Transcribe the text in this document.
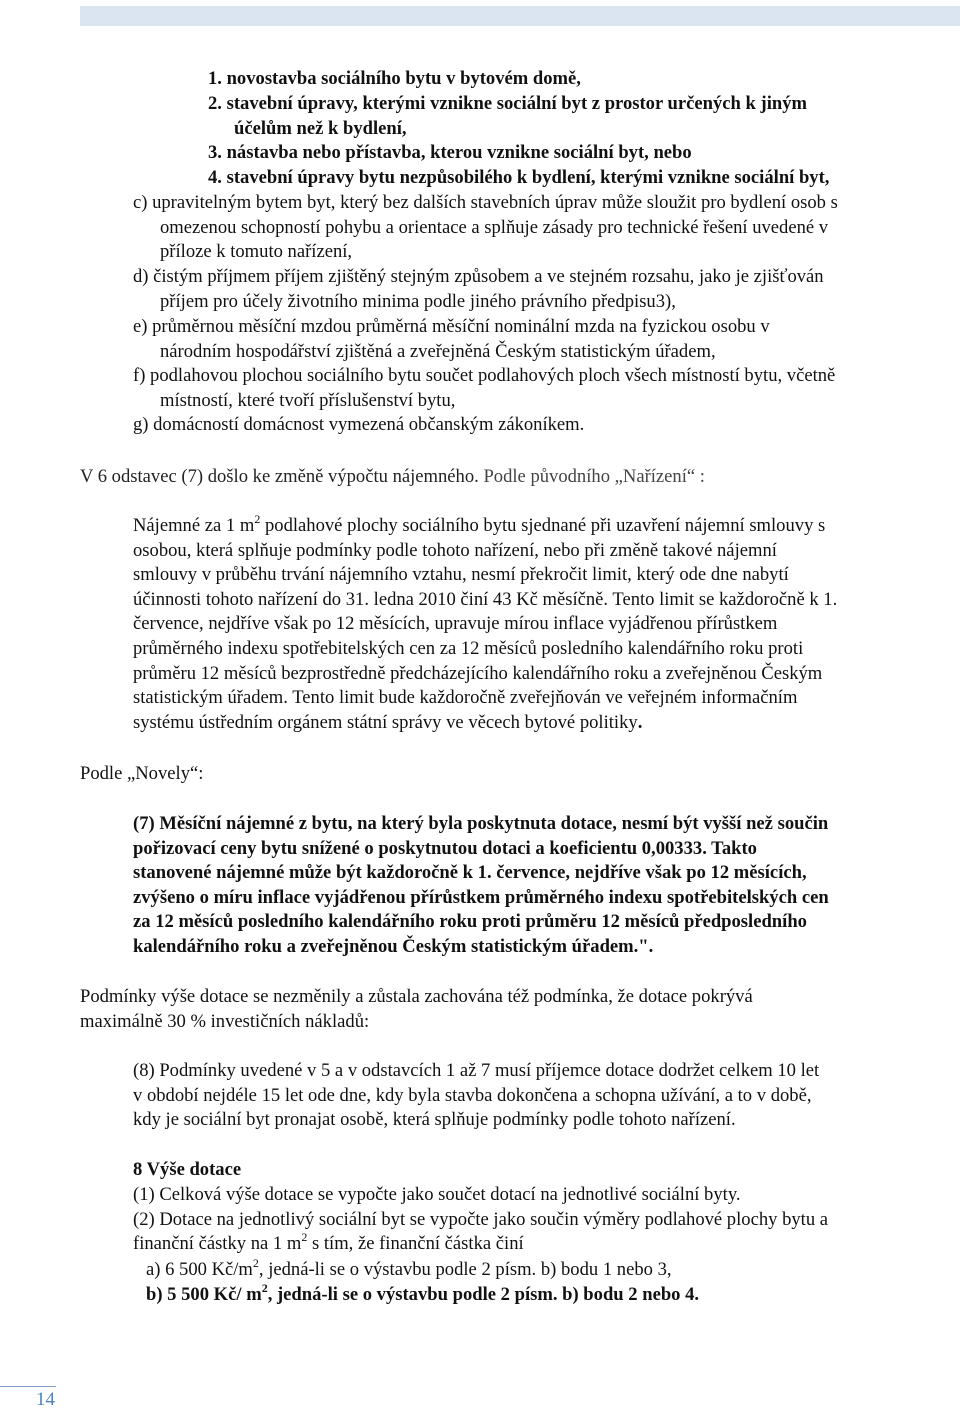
1. novostavba sociálního bytu v bytovém domě,
2. stavební úpravy, kterými vznikne sociální byt z prostor určených k jiným
účelům než k bydlení,
3. nástavba nebo přístavba, kterou vznikne sociální byt, nebo
4. stavební úpravy bytu nezpůsobilého k bydlení, kterými vznikne sociální byt,
c) upravitelným bytem byt, který bez dalších stavebních úprav může sloužit pro bydlení osob s
omezenou schopností pohybu a orientace a splňuje zásady pro technické řešení uvedené v
příloze k tomuto nařízení,
d) čistým příjmem příjem zjištěný stejným způsobem a ve stejném rozsahu, jako je zjišťován
příjem pro účely životního minima podle jiného právního předpisu3),
e) průměrnou měsíční mzdou průměrná měsíční nominální mzda na fyzickou osobu v
národním hospodářství zjištěná a zveřejněná Českým statistickým úřadem,
f) podlahovou plochou sociálního bytu součet podlahových ploch všech místností bytu, včetně
místností, které tvoří příslušenství bytu,
g) domácností domácnost vymezená občanským zákoníkem.
V 6 odstavec (7) došlo ke změně výpočtu nájemného. Podle původního „Nařízení“ :
Nájemné za 1 $m^2$ podlahové plochy sociálního bytu sjednané při uzavření nájemní smlouvy s
osobou, která splňuje podmínky podle tohoto nařízení, nebo při změně takové nájemní
smlouvy v průběhu trvání nájemního vztahu, nesmí překročit limit, který ode dne nabytí
účinnosti tohoto nařízení do 31. ledna 2010 činí 43 Kč měsíčně. Tento limit se každoročně k 1.
července, nejdříve však po 12 měsících, upravuje mírou inflace vyjádřenou přírůstkem
průměrného indexu spotřebitelských cen za 12 měsíců posledního kalendářního roku proti
průměru 12 měsíců bezprostředně předcházejícího kalendářního roku a zveřejněnou Českým
statistickým úřadem. Tento limit bude každoročně zveřejňován ve veřejném informačním
systému ústředním orgánem státní správy ve věcech bytové politiky.
Podle „Novely“:
(7) Měsíční nájemné z bytu, na který byla poskytnuta dotace, nesmí být vyšší než součin
pořizovací ceny bytu snížené o poskytnutou dotaci a koeficientu 0,00333. Takto
stanovené nájemné může být každoročně k 1. července, nejdříve však po 12 měsících,
zvýšeno o míru inflace vyjádřenou přírůstkem průměrného indexu spotřebitelských cen
za 12 měsíců posledního kalendářního roku proti průměru 12 měsíců předposledního
kalendářního roku a zveřejněnou Českým statistickým úřadem.".
Podmínky výše dotace se nezměnily a zůstala zachována též podmínka, že dotace pokrývá
maximálně 30 % investičních nákladů:
(8) Podmínky uvedené v 5 a v odstavcích 1 až 7 musí příjemce dotace dodržet celkem 10 let
v období nejdéle 15 let ode dne, kdy byla stavba dokončena a schopna užívání, a to v době,
kdy je sociální byt pronajat osobě, která splňuje podmínky podle tohoto nařízení.
8 Výše dotace
(1) Celková výše dotace se vypočte jako součet dotací na jednotlivé sociální byty.
(2) Dotace na jednotlivý sociální byt se vypočte jako součin výměry podlahové plochy bytu a
finanční částky na 1 $m^2$ s tím, že finanční částka činí
a) 6 500 $Kč/m^2$, jedná-li se o výstavbu podle 2 písm. b) bodu 1 nebo 3,
b) 5 500 Kč/ $m^2$, jedná-li se o výstavbu podle 2 písm. b) bodu 2 nebo 4.
14
